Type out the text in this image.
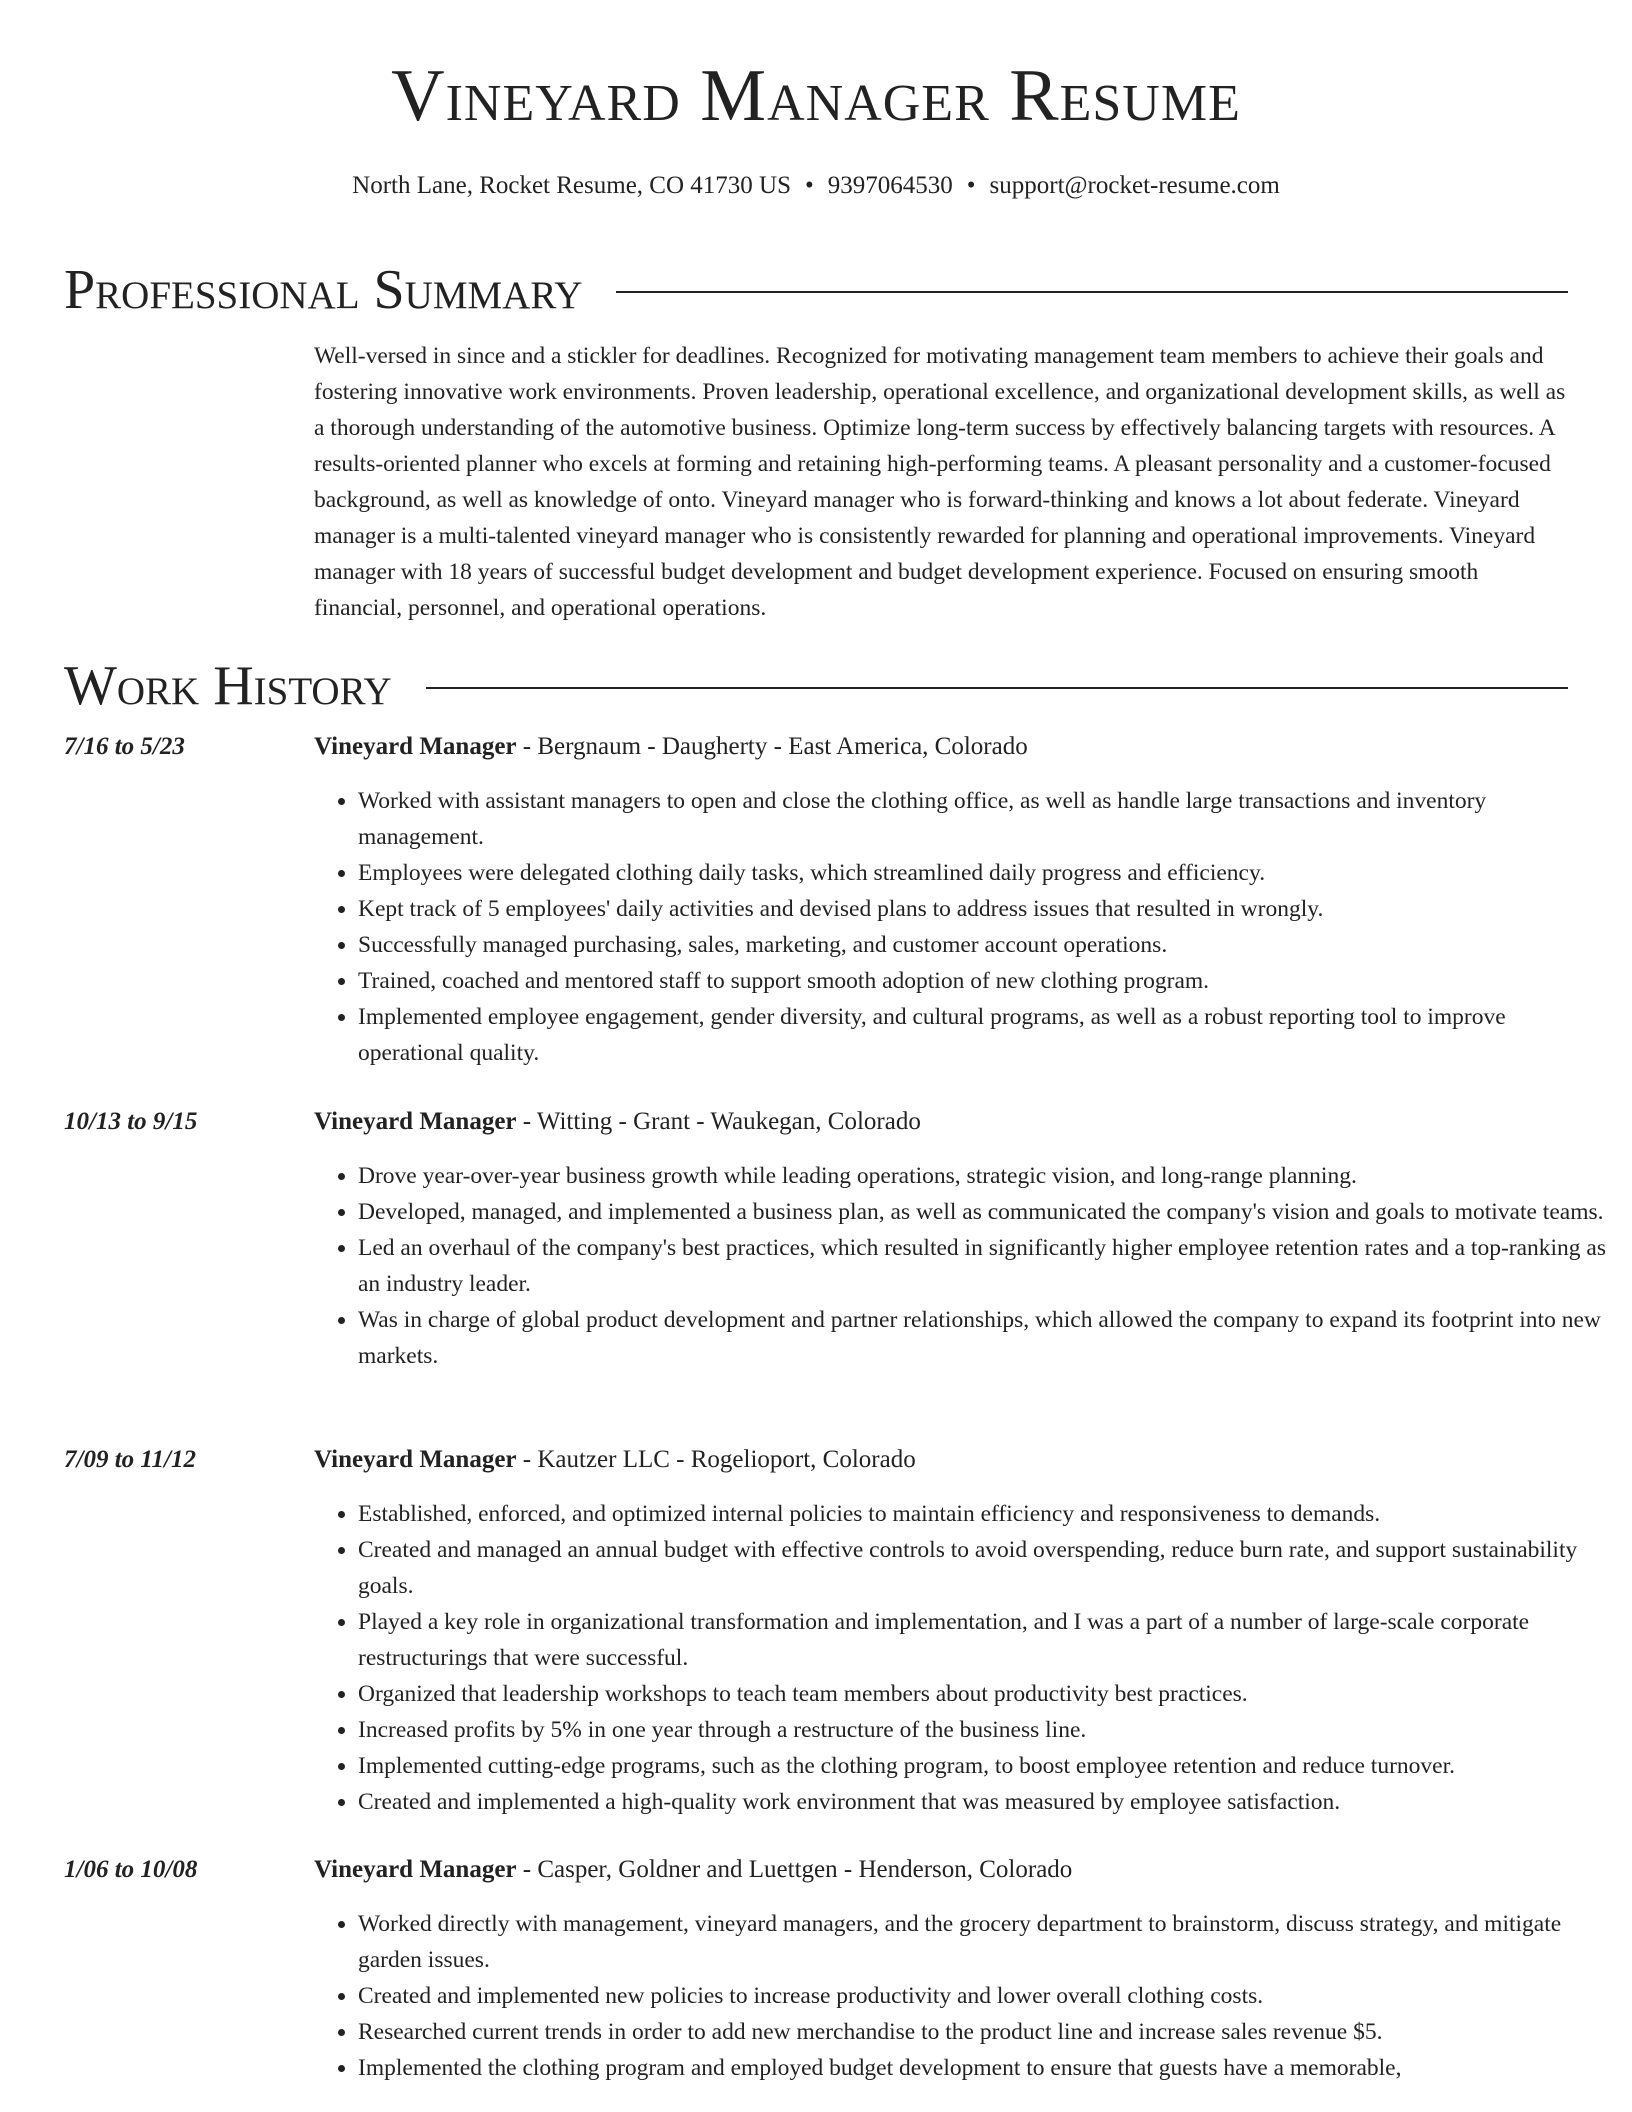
Vineyard Manager Resume
North Lane, Rocket Resume, CO 41730 US • 9397064530 • support@rocket-resume.com
Professional Summary
Well-versed in since and a stickler for deadlines. Recognized for motivating management team members to achieve their goals and fostering innovative work environments. Proven leadership, operational excellence, and organizational development skills, as well as a thorough understanding of the automotive business. Optimize long-term success by effectively balancing targets with resources. A results-oriented planner who excels at forming and retaining high-performing teams. A pleasant personality and a customer-focused background, as well as knowledge of onto. Vineyard manager who is forward-thinking and knows a lot about federate. Vineyard manager is a multi-talented vineyard manager who is consistently rewarded for planning and operational improvements. Vineyard manager with 18 years of successful budget development and budget development experience. Focused on ensuring smooth financial, personnel, and operational operations.
Work History
7/16 to 5/23	Vineyard Manager - Bergnaum - Daugherty - East America, Colorado
• Worked with assistant managers to open and close the clothing office, as well as handle large transactions and inventory management.
• Employees were delegated clothing daily tasks, which streamlined daily progress and efficiency.
• Kept track of 5 employees' daily activities and devised plans to address issues that resulted in wrongly.
• Successfully managed purchasing, sales, marketing, and customer account operations.
• Trained, coached and mentored staff to support smooth adoption of new clothing program.
• Implemented employee engagement, gender diversity, and cultural programs, as well as a robust reporting tool to improve operational quality.
10/13 to 9/15	Vineyard Manager - Witting - Grant - Waukegan, Colorado
• Drove year-over-year business growth while leading operations, strategic vision, and long-range planning.
• Developed, managed, and implemented a business plan, as well as communicated the company's vision and goals to motivate teams.
• Led an overhaul of the company's best practices, which resulted in significantly higher employee retention rates and a top-ranking as an industry leader.
• Was in charge of global product development and partner relationships, which allowed the company to expand its footprint into new markets.
7/09 to 11/12	Vineyard Manager - Kautzer LLC - Rogelioport, Colorado
• Established, enforced, and optimized internal policies to maintain efficiency and responsiveness to demands.
• Created and managed an annual budget with effective controls to avoid overspending, reduce burn rate, and support sustainability goals.
• Played a key role in organizational transformation and implementation, and I was a part of a number of large-scale corporate restructurings that were successful.
• Organized that leadership workshops to teach team members about productivity best practices.
• Increased profits by 5% in one year through a restructure of the business line.
• Implemented cutting-edge programs, such as the clothing program, to boost employee retention and reduce turnover.
• Created and implemented a high-quality work environment that was measured by employee satisfaction.
1/06 to 10/08	Vineyard Manager - Casper, Goldner and Luettgen - Henderson, Colorado
• Worked directly with management, vineyard managers, and the grocery department to brainstorm, discuss strategy, and mitigate garden issues.
• Created and implemented new policies to increase productivity and lower overall clothing costs.
• Researched current trends in order to add new merchandise to the product line and increase sales revenue $5.
• Implemented the clothing program and employed budget development to ensure that guests have a memorable,
